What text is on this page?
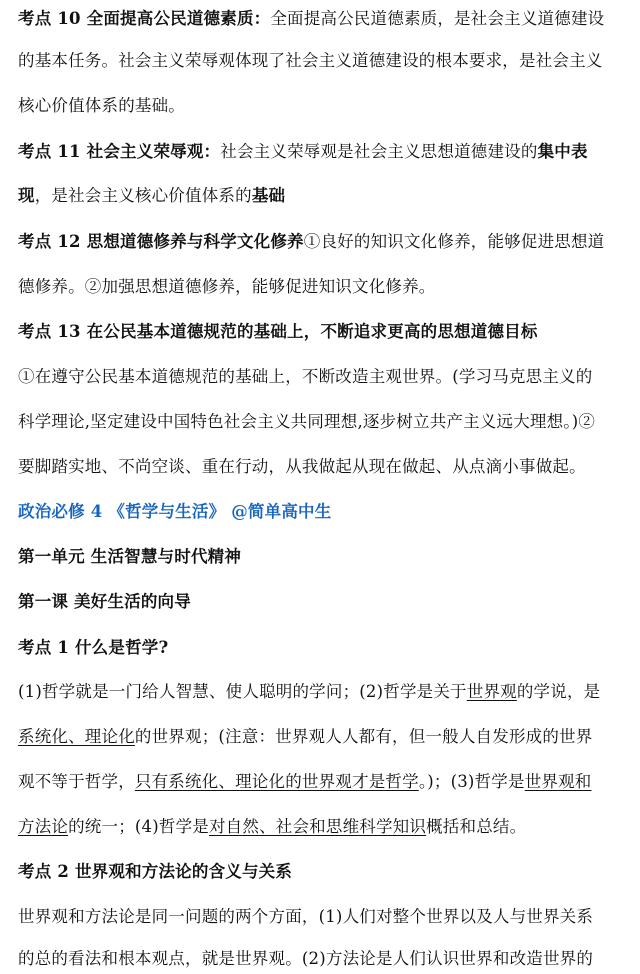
考点 10 全面提高公民道德素质：全面提高公民道德素质，是社会主义道德建设
的基本任务。社会主义荣辱观体现了社会主义道德建设的根本要求，是社会主义
核心价值体系的基础。
考点 11 社会主义荣辱观：社会主义荣辱观是社会主义思想道德建设的集中表
现，是社会主义核心价值体系的基础
考点 12 思想道德修养与科学文化修养①良好的知识文化修养，能够促进思想道
德修养。②加强思想道德修养，能够促进知识文化修养。
考点 13 在公民基本道德规范的基础上，不断追求更高的思想道德目标
①在遵守公民基本道德规范的基础上，不断改造主观世界。(学习马克思主义的
科学理论,坚定建设中国特色社会主义共同理想,逐步树立共产主义远大理想。)②
要脚踏实地、不尚空谈、重在行动，从我做起从现在做起、从点滴小事做起。
政治必修 4 《哲学与生活》 @简单高中生
第一单元 生活智慧与时代精神
第一课 美好生活的向导
考点 1 什么是哲学?
(1)哲学就是一门给人智慧、使人聪明的学问；(2)哲学是关于世界观的学说，是
系统化、理论化的世界观；(注意：世界观人人都有，但一般人自发形成的世界
观不等于哲学，只有系统化、理论化的世界观才是哲学。)；(3)哲学是世界观和
方法论的统一；(4)哲学是对自然、社会和思维科学知识概括和总结。
考点 2 世界观和方法论的含义与关系
世界观和方法论是同一问题的两个方面，(1)人们对整个世界以及人与世界关系
的总的看法和根本观点，就是世界观。(2)方法论是人们认识世界和改造世界的
